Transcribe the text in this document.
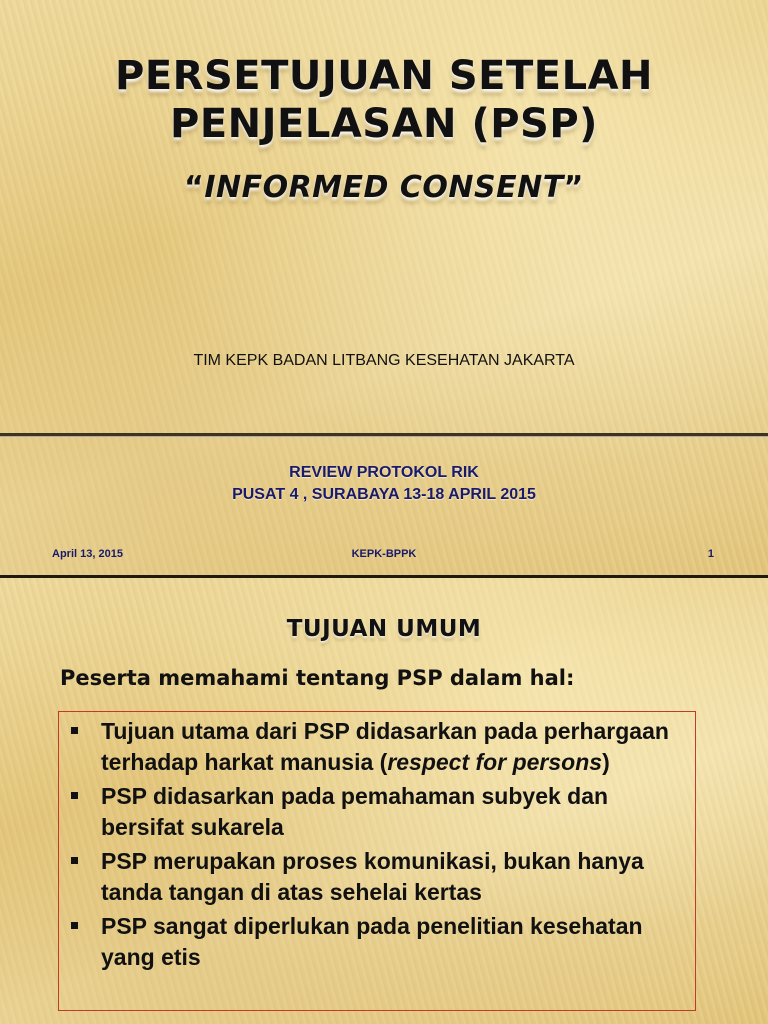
PERSETUJUAN SETELAH
PENJELASAN (PSP)
“INFORMED CONSENT”
TIM KEPK BADAN LITBANG KESEHATAN JAKARTA
REVIEW PROTOKOL RIK
PUSAT 4 , SURABAYA 13-18 APRIL 2015
April 13, 2015	KEPK-BPPK	1
TUJUAN UMUM
Peserta memahami tentang PSP dalam hal:
Tujuan utama dari PSP didasarkan pada perhargaan terhadap harkat manusia (respect for persons)
PSP didasarkan pada pemahaman subyek dan bersifat sukarela
PSP merupakan proses komunikasi, bukan hanya tanda tangan di atas sehelai kertas
PSP sangat diperlukan pada penelitian kesehatan yang etis
